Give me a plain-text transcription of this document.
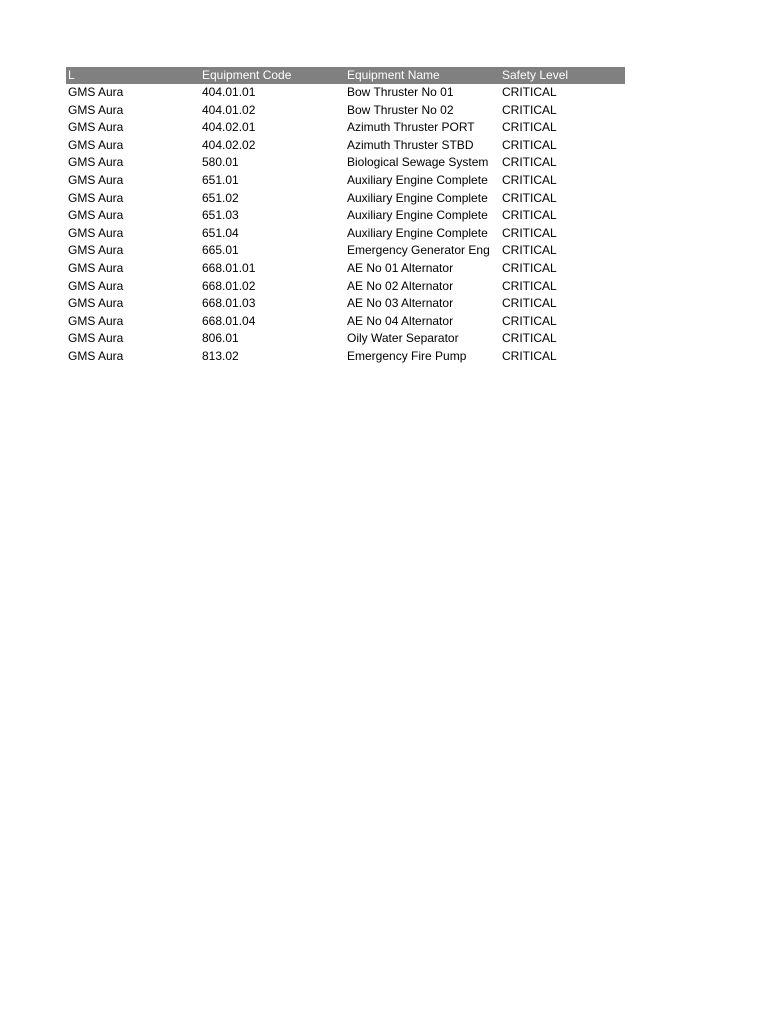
L	Equipment Code	Equipment Name	Safety Level
GMS Aura	404.01.01	Bow Thruster No 01	CRITICAL
GMS Aura	404.01.02	Bow Thruster No 02	CRITICAL
GMS Aura	404.02.01	Azimuth Thruster PORT	CRITICAL
GMS Aura	404.02.02	Azimuth Thruster STBD	CRITICAL
GMS Aura	580.01	Biological Sewage System	CRITICAL
GMS Aura	651.01	Auxiliary Engine Complete	CRITICAL
GMS Aura	651.02	Auxiliary Engine Complete	CRITICAL
GMS Aura	651.03	Auxiliary Engine Complete	CRITICAL
GMS Aura	651.04	Auxiliary Engine Complete	CRITICAL
GMS Aura	665.01	Emergency Generator Eng	CRITICAL
GMS Aura	668.01.01	AE No 01 Alternator	CRITICAL
GMS Aura	668.01.02	AE No 02 Alternator	CRITICAL
GMS Aura	668.01.03	AE No 03 Alternator	CRITICAL
GMS Aura	668.01.04	AE No 04 Alternator	CRITICAL
GMS Aura	806.01	Oily Water Separator	CRITICAL
GMS Aura	813.02	Emergency Fire Pump	CRITICAL
